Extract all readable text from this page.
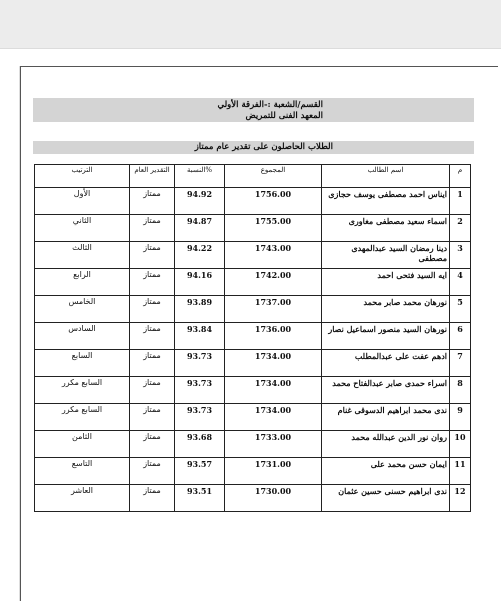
القسم/الشعبة :-الفرقة الأولي المعهد الفنى للتمريض
الطلاب الحاصلون على تقدير عام ممتاز
م	اسم الطالب	المجموع	%النسبة	التقدير العام	الترتيب
1	ايناس احمد مصطفى يوسف حجازى	1756.00	94.92	ممتاز	الأول
2	اسماء سعيد مصطفى مغاورى	1755.00	94.87	ممتاز	الثاني
3	دينا رمضان السيد عبدالمهدى مصطفى	1743.00	94.22	ممتاز	الثالث
4	ايه السيد فتحى احمد	1742.00	94.16	ممتاز	الرابع
5	نورهان محمد صابر محمد	1737.00	93.89	ممتاز	الخامس
6	نورهان السيد منصور اسماعيل نصار	1736.00	93.84	ممتاز	السادس
7	ادهم عفت على عبدالمطلب	1734.00	93.73	ممتاز	السابع
8	اسراء حمدى صابر عبدالفتاح محمد	1734.00	93.73	ممتاز	السابع مكرر
9	ندى محمد ابراهيم الدسوقى غنام	1734.00	93.73	ممتاز	السابع مكرر
10	روان نور الدين عبدالله محمد	1733.00	93.68	ممتاز	الثامن
11	ايمان حسن محمد على	1731.00	93.57	ممتاز	التاسع
12	ندى ابراهيم حسنى حسين عثمان	1730.00	93.51	ممتاز	العاشر
